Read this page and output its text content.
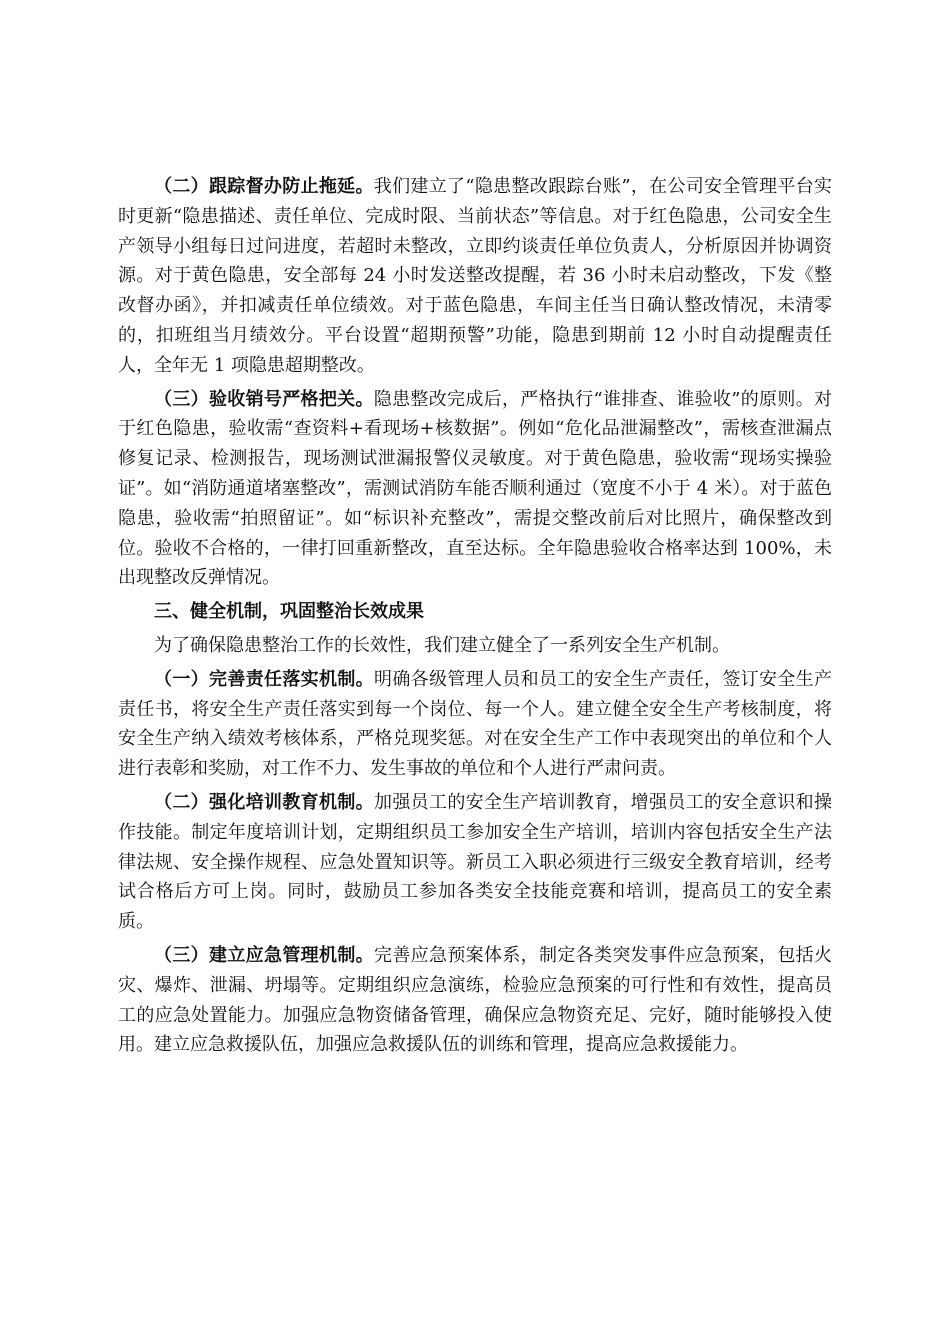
（二）跟踪督办防止拖延。我们建立了“隐患整改跟踪台账”，在公司安全管理平台实时更新“隐患描述、责任单位、完成时限、当前状态”等信息。对于红色隐患，公司安全生产领导小组每日过问进度，若超时未整改，立即约谈责任单位负责人，分析原因并协调资源。对于黄色隐患，安全部每 24 小时发送整改提醒，若 36 小时未启动整改，下发《整改督办函》，并扣减责任单位绩效。对于蓝色隐患，车间主任当日确认整改情况，未清零的，扣班组当月绩效分。平台设置“超期预警”功能，隐患到期前 12 小时自动提醒责任人，全年无 1 项隐患超期整改。

（三）验收销号严格把关。隐患整改完成后，严格执行“谁排查、谁验收”的原则。对于红色隐患，验收需“查资料+看现场+核数据”。例如“危化品泄漏整改”，需核查泄漏点修复记录、检测报告，现场测试泄漏报警仪灵敏度。对于黄色隐患，验收需“现场实操验证”。如“消防通道堵塞整改”，需测试消防车能否顺利通过（宽度不小于 4 米）。对于蓝色隐患，验收需“拍照留证”。如“标识补充整改”，需提交整改前后对比照片，确保整改到位。验收不合格的，一律打回重新整改，直至达标。全年隐患验收合格率达到 100%，未出现整改反弹情况。

三、健全机制，巩固整治长效成果

为了确保隐患整治工作的长效性，我们建立健全了一系列安全生产机制。

（一）完善责任落实机制。明确各级管理人员和员工的安全生产责任，签订安全生产责任书，将安全生产责任落实到每一个岗位、每一个人。建立健全安全生产考核制度，将安全生产纳入绩效考核体系，严格兑现奖惩。对在安全生产工作中表现突出的单位和个人进行表彰和奖励，对工作不力、发生事故的单位和个人进行严肃问责。

（二）强化培训教育机制。加强员工的安全生产培训教育，增强员工的安全意识和操作技能。制定年度培训计划，定期组织员工参加安全生产培训，培训内容包括安全生产法律法规、安全操作规程、应急处置知识等。新员工入职必须进行三级安全教育培训，经考试合格后方可上岗。同时，鼓励员工参加各类安全技能竞赛和培训，提高员工的安全素质。

（三）建立应急管理机制。完善应急预案体系，制定各类突发事件应急预案，包括火灾、爆炸、泄漏、坍塌等。定期组织应急演练，检验应急预案的可行性和有效性，提高员工的应急处置能力。加强应急物资储备管理，确保应急物资充足、完好，随时能够投入使用。建立应急救援队伍，加强应急救援队伍的训练和管理，提高应急救援能力。
